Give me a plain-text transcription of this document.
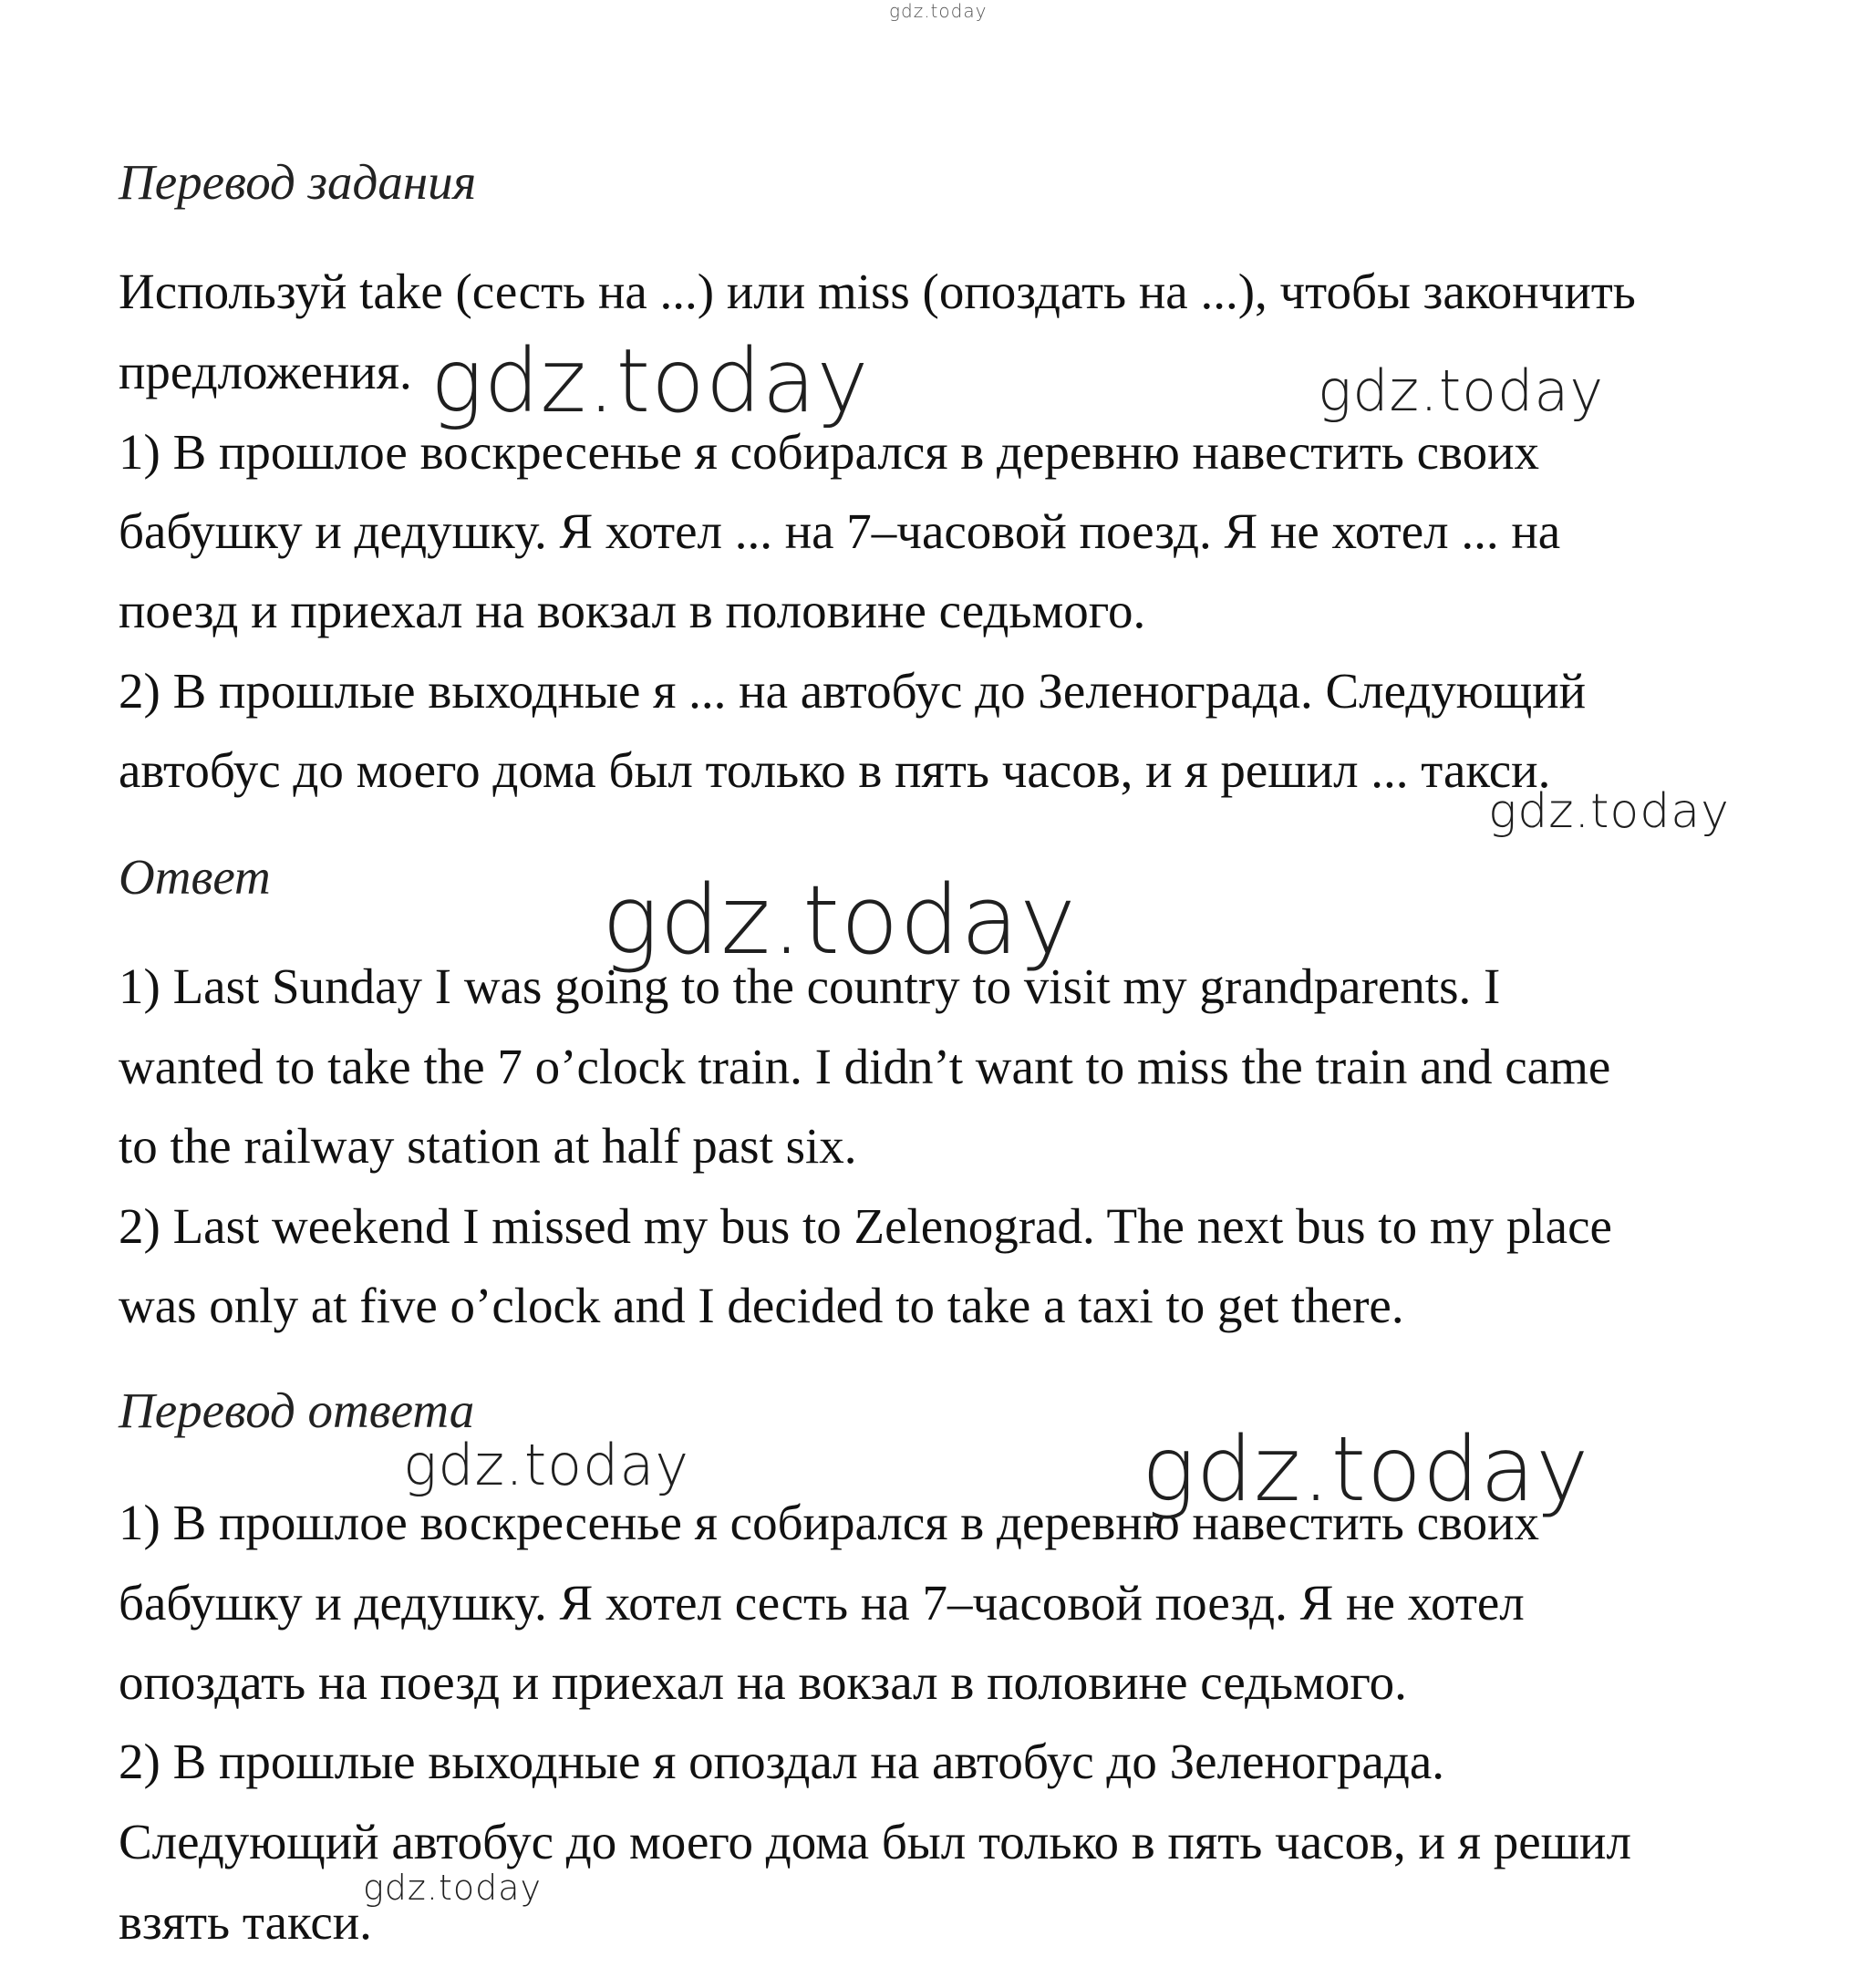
gdz.today
Перевод задания
Используй take (сесть на ...) или miss (опоздать на ...), чтобы закончить
предложения.
1) В прошлое воскресенье я собирался в деревню навестить своих
бабушку и дедушку. Я хотел ... на 7–часовой поезд. Я не хотел ... на
поезд и приехал на вокзал в половине седьмого.
2) В прошлые выходные я ... на автобус до Зеленограда. Следующий
автобус до моего дома был только в пять часов, и я решил ... такси.
Ответ
1) Last Sunday I was going to the country to visit my grandparents. I
wanted to take the 7 o’clock train. I didn’t want to miss the train and came
to the railway station at half past six.
2) Last weekend I missed my bus to Zelenograd. The next bus to my place
was only at five o’clock and I decided to take a taxi to get there.
Перевод ответа
1) В прошлое воскресенье я собирался в деревню навестить своих
бабушку и дедушку. Я хотел сесть на 7–часовой поезд. Я не хотел
опоздать на поезд и приехал на вокзал в половине седьмого.
2) В прошлые выходные я опоздал на автобус до Зеленограда.
Следующий автобус до моего дома был только в пять часов, и я решил
взять такси.
gdz.today	gdz.today
gdz.today
gdz.today
gdz.today	gdz.today
gdz.today
